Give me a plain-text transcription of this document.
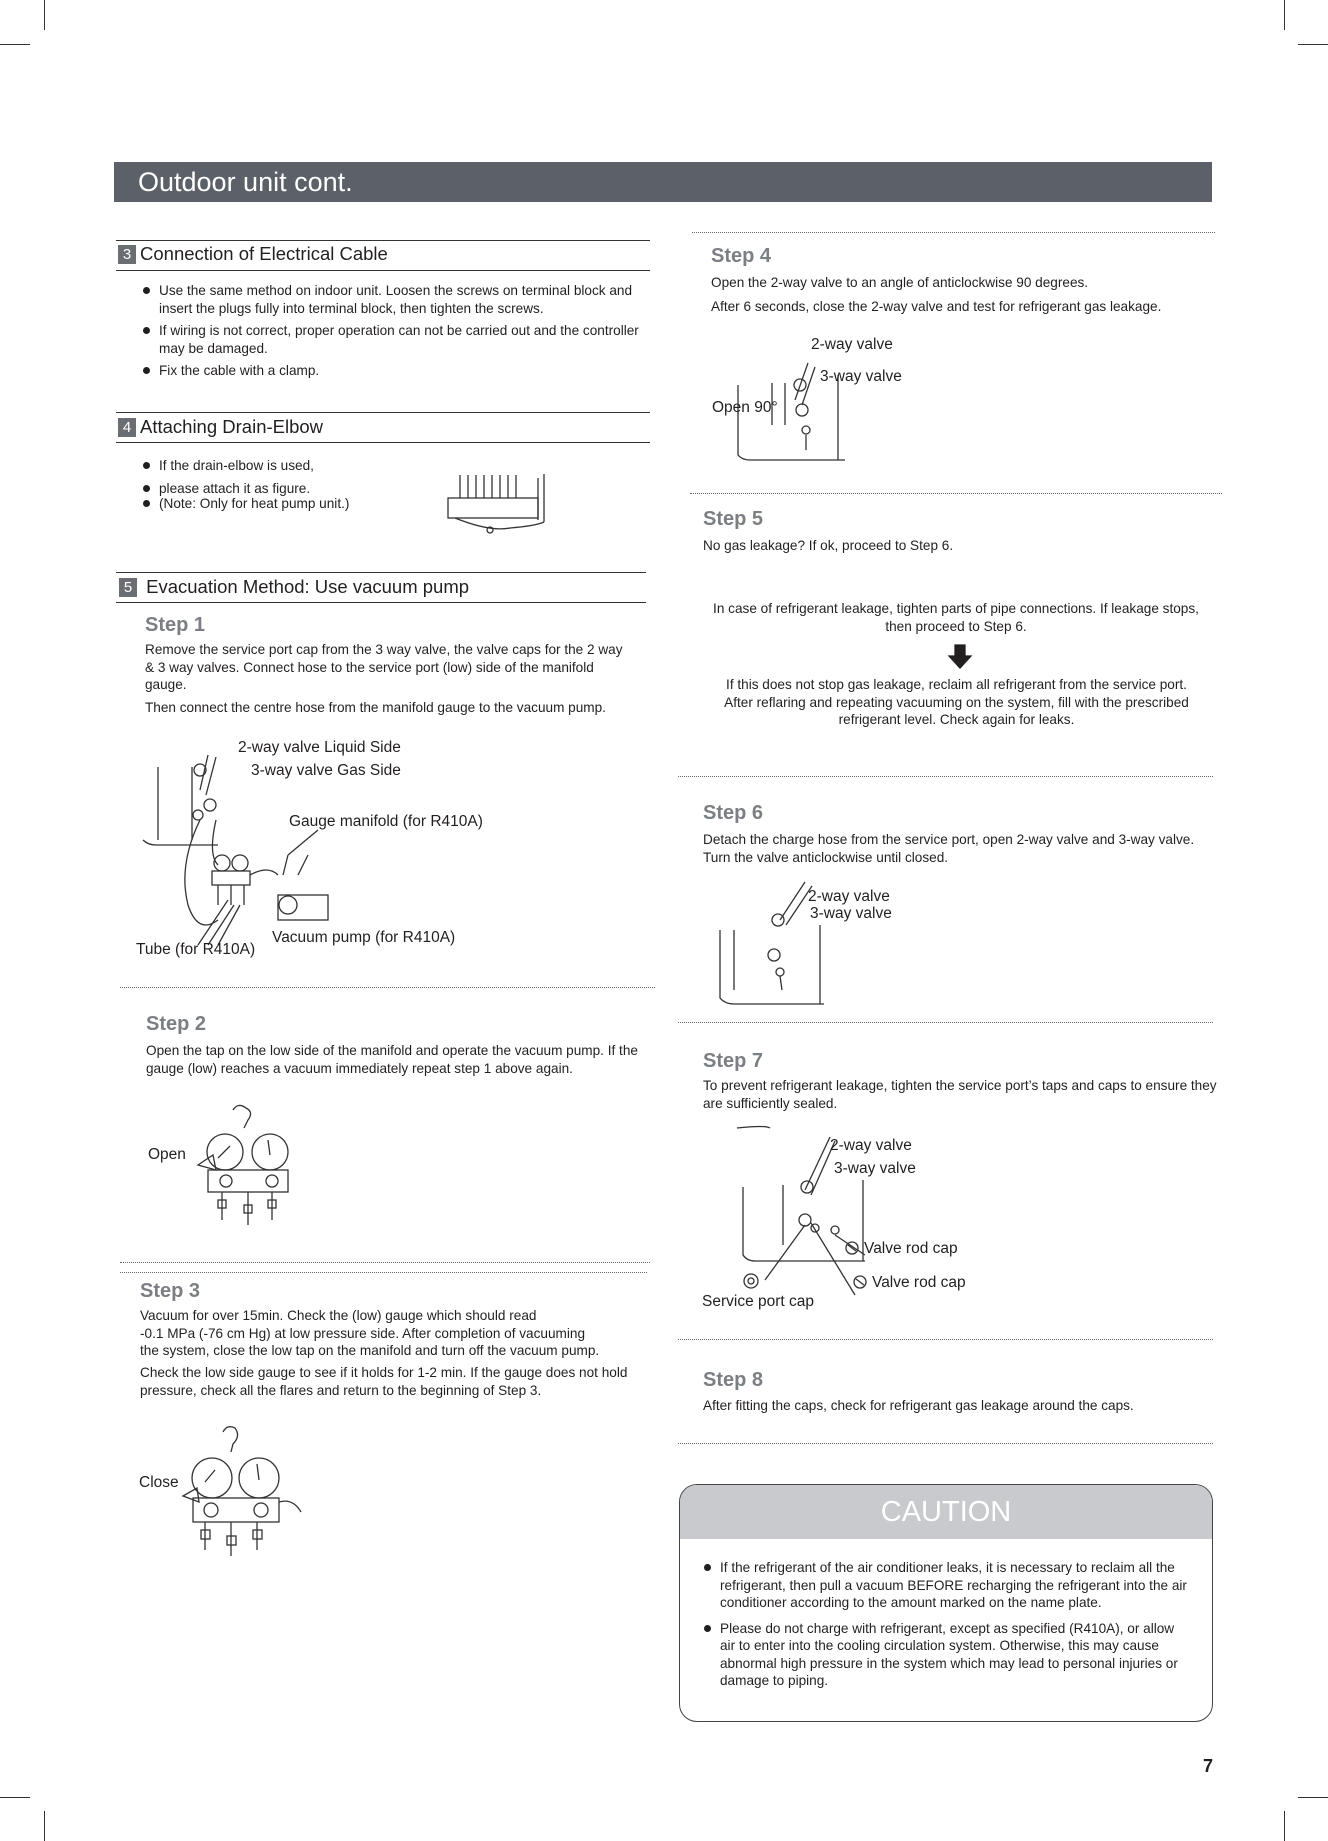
Outdoor unit cont.
3 Connection of Electrical Cable
Use the same method on indoor unit. Loosen the screws on terminal block and insert the plugs fully into terminal block, then tighten the screws.
If wiring is not correct, proper operation can not be carried out and the controller may be damaged.
Fix the cable with a clamp.
4 Attaching Drain-Elbow
If the drain-elbow is used,
please attach it as figure.
(Note: Only for heat pump unit.)
5 Evacuation Method: Use vacuum pump
Step 1
Remove the service port cap from the 3 way valve, the valve caps for the 2 way & 3 way valves. Connect hose to the service port (low) side of the manifold gauge.
Then connect the centre hose from the manifold gauge to the vacuum pump.
2-way valve Liquid Side
3-way valve Gas Side
Gauge manifold (for R410A)
Vacuum pump (for R410A)
Tube (for R410A)
Step 2
Open the tap on the low side of the manifold and operate the vacuum pump. If the gauge (low) reaches a vacuum immediately repeat step 1 above again.
Open
Step 3
Vacuum for over 15min. Check the (low) gauge which should read
-0.1 MPa (-76 cm Hg) at low pressure side. After completion of vacuuming
the system, close the low tap on the manifold and turn off the vacuum pump.
Check the low side gauge to see if it holds for 1-2 min. If the gauge does not hold pressure, check all the flares and return to the beginning of Step 3.
Close
Step 4
Open the 2-way valve to an angle of anticlockwise 90 degrees.
After 6 seconds, close the 2-way valve and test for refrigerant gas leakage.
2-way valve
3-way valve
Open 90°
Step 5
No gas leakage? If ok, proceed to Step 6.
In case of refrigerant leakage, tighten parts of pipe connections. If leakage stops, then proceed to Step 6.
If this does not stop gas leakage, reclaim all refrigerant from the service port. After reflaring and repeating vacuuming on the system, fill with the prescribed refrigerant level. Check again for leaks.
Step 6
Detach the charge hose from the service port, open 2-way valve and 3-way valve.
Turn the valve anticlockwise until closed.
2-way valve
3-way valve
Step 7
To prevent refrigerant leakage, tighten the service port’s taps and caps to ensure they are sufficiently sealed.
2-way valve
3-way valve
Valve rod cap
Valve rod cap
Service port cap
Step 8
After fitting the caps, check for refrigerant gas leakage around the caps.
CAUTION
If the refrigerant of the air conditioner leaks, it is necessary to reclaim all the refrigerant, then pull a vacuum BEFORE recharging the refrigerant into the air conditioner according to the amount marked on the name plate.
Please do not charge with refrigerant, except as specified (R410A), or allow air to enter into the cooling circulation system. Otherwise, this may cause abnormal high pressure in the system which may lead to personal injuries or damage to piping.
7
